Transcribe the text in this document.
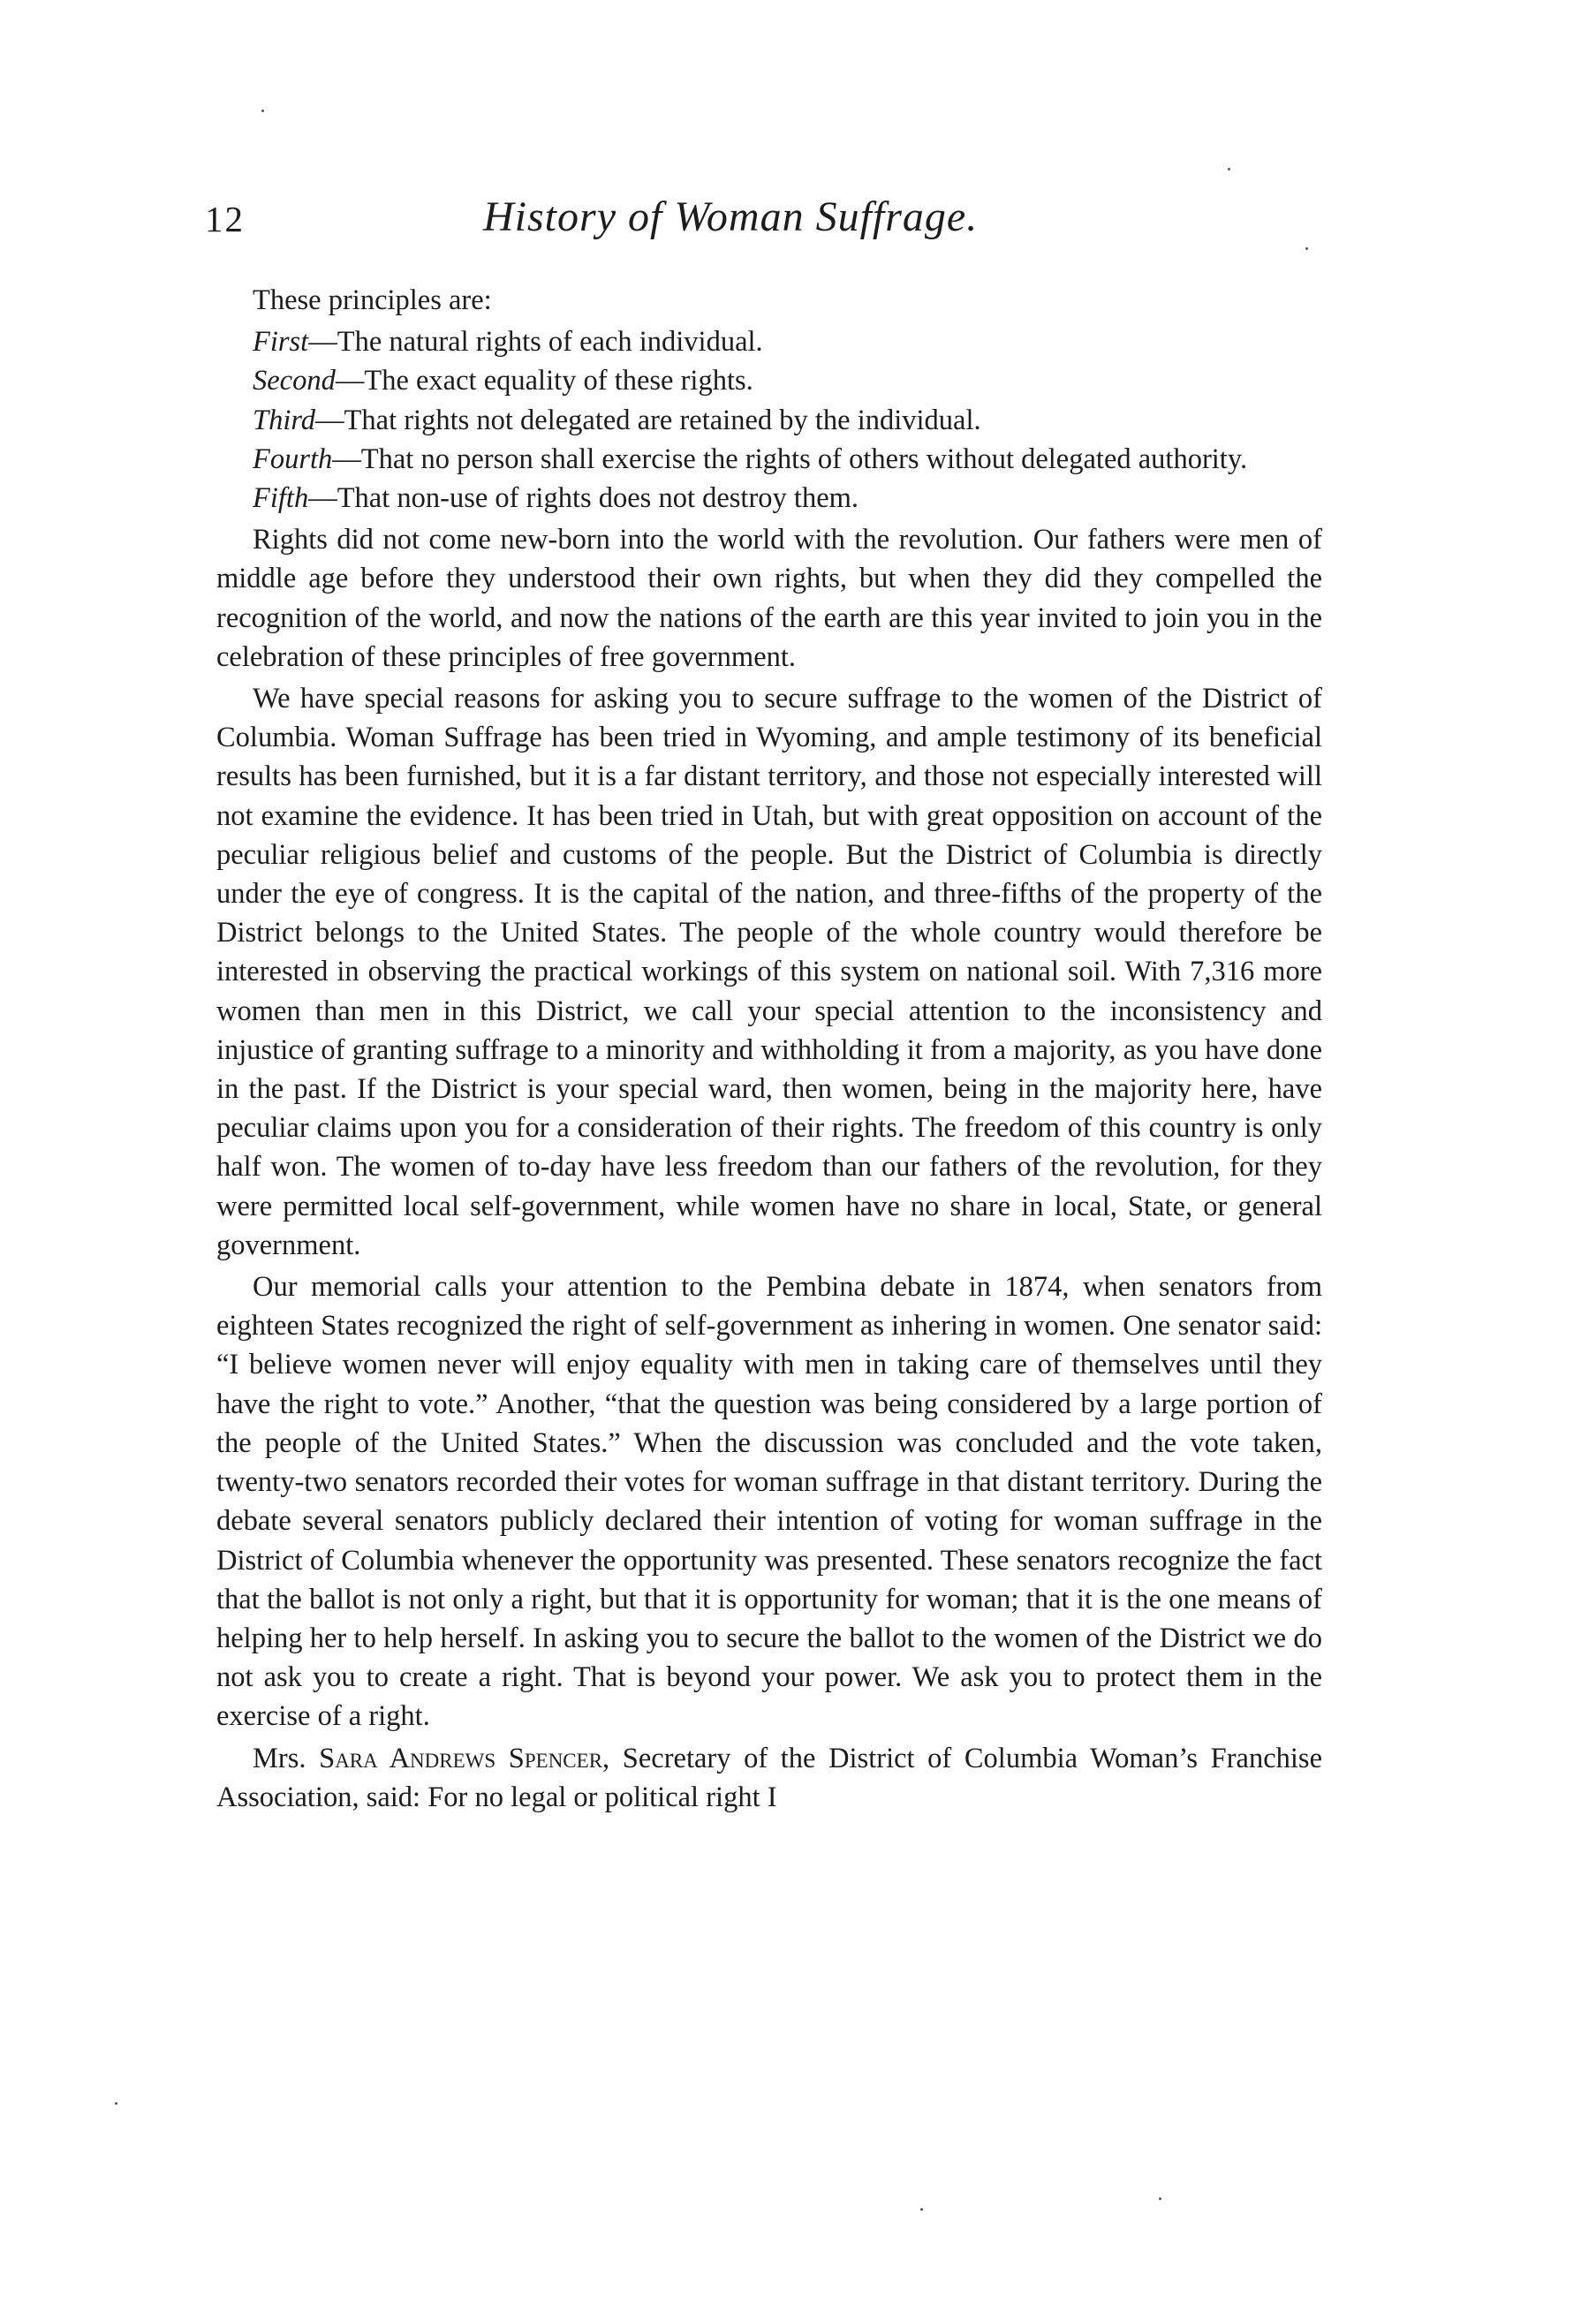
12	History of Woman Suffrage.

These principles are:

First—The natural rights of each individual.

Second—The exact equality of these rights.

Third—That rights not delegated are retained by the individual.

Fourth—That no person shall exercise the rights of others without delegated authority.

Fifth—That non-use of rights does not destroy them.

Rights did not come new-born into the world with the revolution. Our fathers were men of middle age before they understood their own rights, but when they did they compelled the recognition of the world, and now the nations of the earth are this year invited to join you in the celebration of these principles of free government.

We have special reasons for asking you to secure suffrage to the women of the District of Columbia. Woman Suffrage has been tried in Wyoming, and ample testimony of its beneficial results has been furnished, but it is a far distant territory, and those not especially interested will not examine the evidence. It has been tried in Utah, but with great opposition on account of the peculiar religious belief and customs of the people. But the District of Columbia is directly under the eye of congress. It is the capital of the nation, and three-fifths of the property of the District belongs to the United States. The people of the whole country would therefore be interested in observing the practical workings of this system on national soil. With 7,316 more women than men in this District, we call your special attention to the inconsistency and injustice of granting suffrage to a minority and withholding it from a majority, as you have done in the past. If the District is your special ward, then women, being in the majority here, have peculiar claims upon you for a consideration of their rights. The freedom of this country is only half won. The women of to-day have less freedom than our fathers of the revolution, for they were permitted local self-government, while women have no share in local, State, or general government.

Our memorial calls your attention to the Pembina debate in 1874, when senators from eighteen States recognized the right of self-government as inhering in women. One senator said: “I believe women never will enjoy equality with men in taking care of themselves until they have the right to vote.” Another, “that the question was being considered by a large portion of the people of the United States.” When the discussion was concluded and the vote taken, twenty-two senators recorded their votes for woman suffrage in that distant territory. During the debate several senators publicly declared their intention of voting for woman suffrage in the District of Columbia whenever the opportunity was presented. These senators recognize the fact that the ballot is not only a right, but that it is opportunity for woman; that it is the one means of helping her to help herself. In asking you to secure the ballot to the women of the District we do not ask you to create a right. That is beyond your power. We ask you to protect them in the exercise of a right.

Mrs. Sara Andrews Spencer, Secretary of the District of Columbia Woman’s Franchise Association, said: For no legal or political right I
